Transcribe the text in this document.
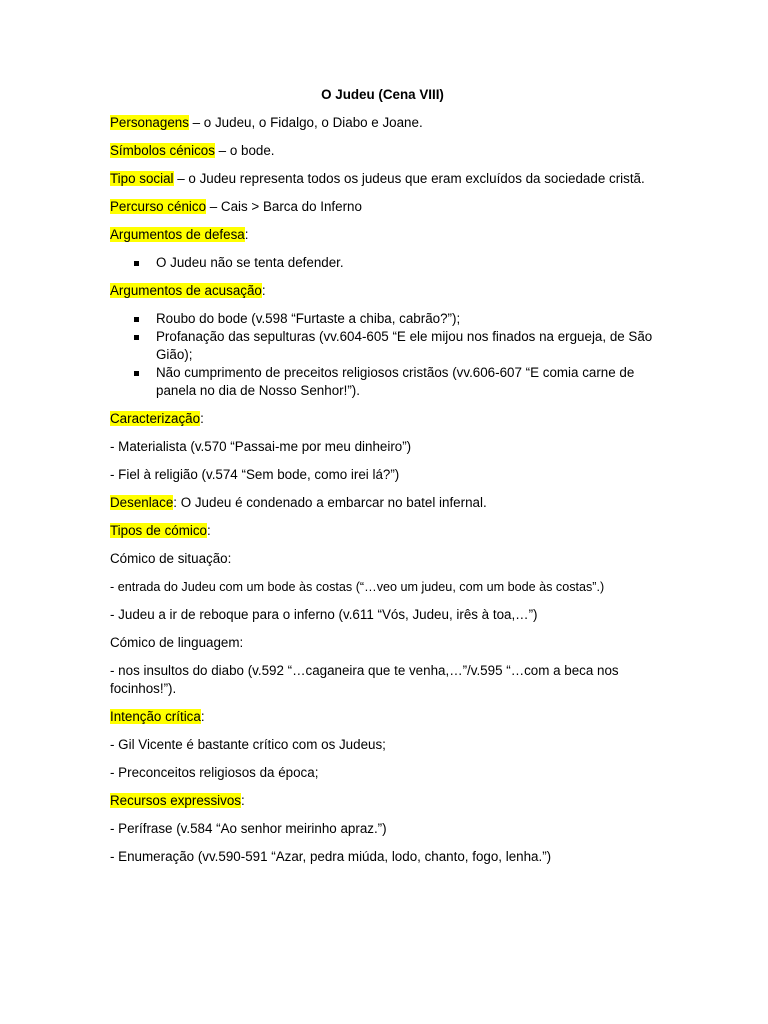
O Judeu (Cena VIII)

Personagens – o Judeu, o Fidalgo, o Diabo e Joane.

Símbolos cénicos – o bode.

Tipo social – o Judeu representa todos os judeus que eram excluídos da sociedade cristã.

Percurso cénico – Cais > Barca do Inferno

Argumentos de defesa:

O Judeu não se tenta defender.

Argumentos de acusação:

Roubo do bode (v.598 “Furtaste a chiba, cabrão?”);
Profanação das sepulturas (vv.604-605 “E ele mijou nos finados na ergueja, de São Gião);
Não cumprimento de preceitos religiosos cristãos (vv.606-607 “E comia carne de panela no dia de Nosso Senhor!”).

Caracterização:

- Materialista (v.570 “Passai-me por meu dinheiro”)

- Fiel à religião (v.574 “Sem bode, como irei lá?”)

Desenlace: O Judeu é condenado a embarcar no batel infernal.

Tipos de cómico:

Cómico de situação:

- entrada do Judeu com um bode às costas (“…veo um judeu, com um bode às costas”.)

- Judeu a ir de reboque para o inferno (v.611 “Vós, Judeu, irês à toa,…”)

Cómico de linguagem:

- nos insultos do diabo (v.592 “…caganeira que te venha,…”/v.595 “…com a beca nos focinhos!”).

Intenção crítica:

- Gil Vicente é bastante crítico com os Judeus;

- Preconceitos religiosos da época;

Recursos expressivos:

- Perífrase (v.584 “Ao senhor meirinho apraz.”)

- Enumeração (vv.590-591 “Azar, pedra miúda, lodo, chanto, fogo, lenha.”)
